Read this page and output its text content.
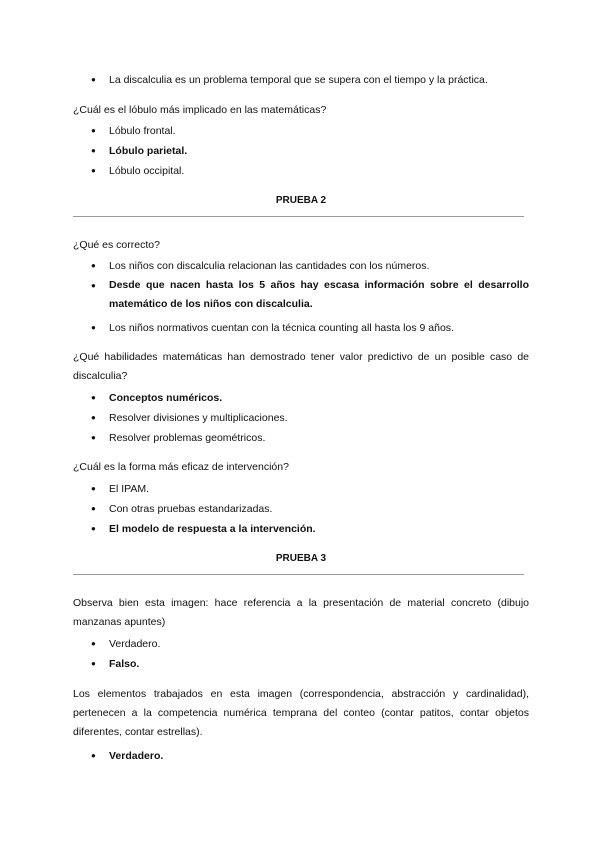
● La discalculia es un problema temporal que se supera con el tiempo y la práctica.
¿Cuál es el lóbulo más implicado en las matemáticas?
● Lóbulo frontal.
● Lóbulo parietal.
● Lóbulo occipital.
PRUEBA 2
¿Qué es correcto?
● Los niños con discalculia relacionan las cantidades con los números.
●	Desde que nacen hasta los 5 años hay escasa información sobre el desarrollo matemático de los niños con discalculia.
● Los niños normativos cuentan con la técnica counting all hasta los 9 años.
¿Qué habilidades matemáticas han demostrado tener valor predictivo de un posible caso de discalculia?
● Conceptos numéricos.
● Resolver divisiones y multiplicaciones.
● Resolver problemas geométricos.
¿Cuál es la forma más eficaz de intervención?
● El IPAM.
● Con otras pruebas estandarizadas.
● El modelo de respuesta a la intervención.
PRUEBA 3
Observa bien esta imagen: hace referencia a la presentación de material concreto (dibujo manzanas apuntes)
● Verdadero.
● Falso.
Los elementos trabajados en esta imagen (correspondencia, abstracción y cardinalidad), pertenecen a la competencia numérica temprana del conteo (contar patitos, contar objetos diferentes, contar estrellas).
● Verdadero.
